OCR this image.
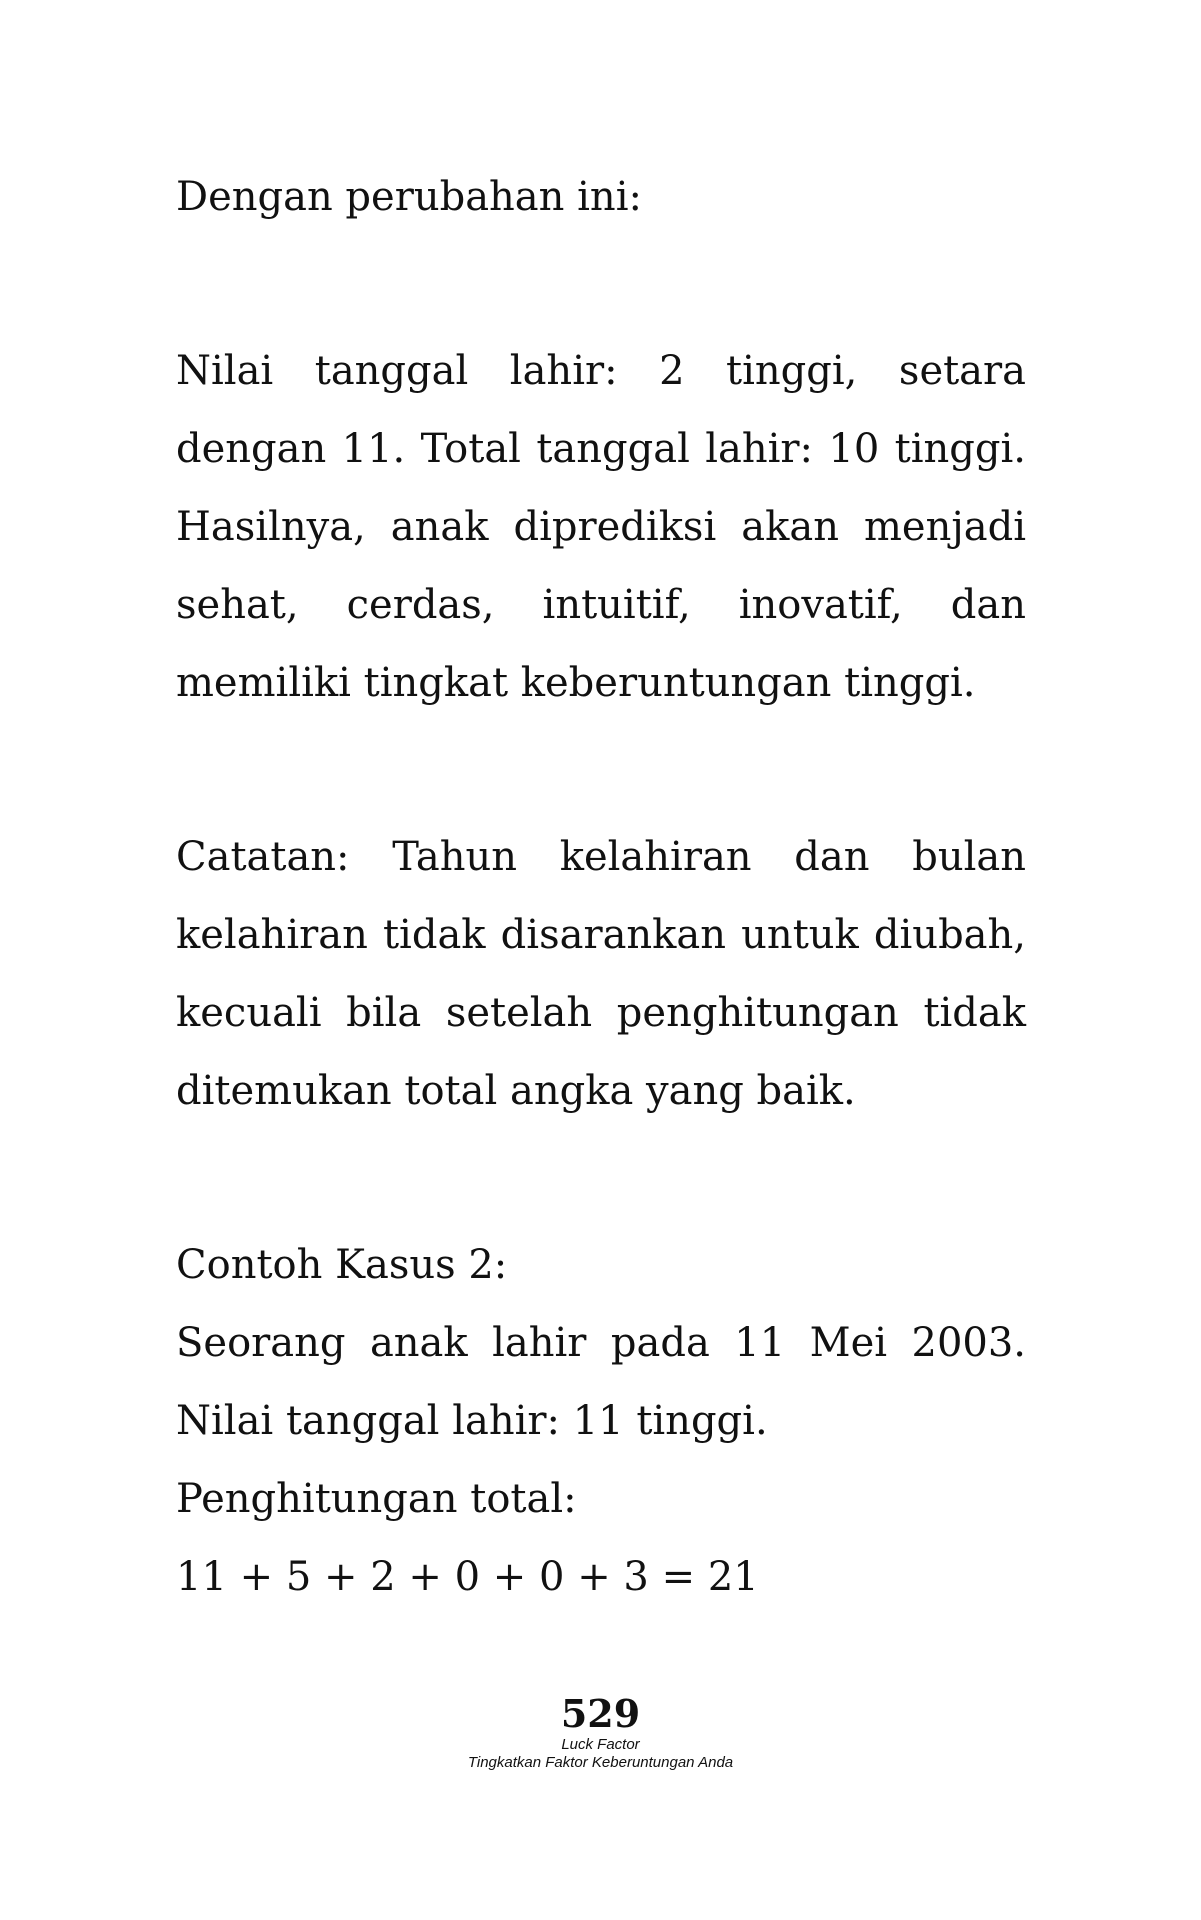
Dengan perubahan ini:

Nilai tanggal lahir: 2 tinggi, setara dengan 11. Total tanggal lahir: 10 tinggi. Hasilnya, anak diprediksi akan menjadi sehat, cerdas, intuitif, inovatif, dan memiliki tingkat keberuntungan tinggi.

Catatan: Tahun kelahiran dan bulan kelahiran tidak disarankan untuk diubah, kecuali bila setelah penghitungan tidak ditemukan total angka yang baik.

Contoh Kasus 2:

Seorang anak lahir pada 11 Mei 2003. Nilai tanggal lahir: 11 tinggi.

Penghitungan total:

11 + 5 + 2 + 0 + 0 + 3 = 21

529
Luck Factor
Tingkatkan Faktor Keberuntungan Anda
